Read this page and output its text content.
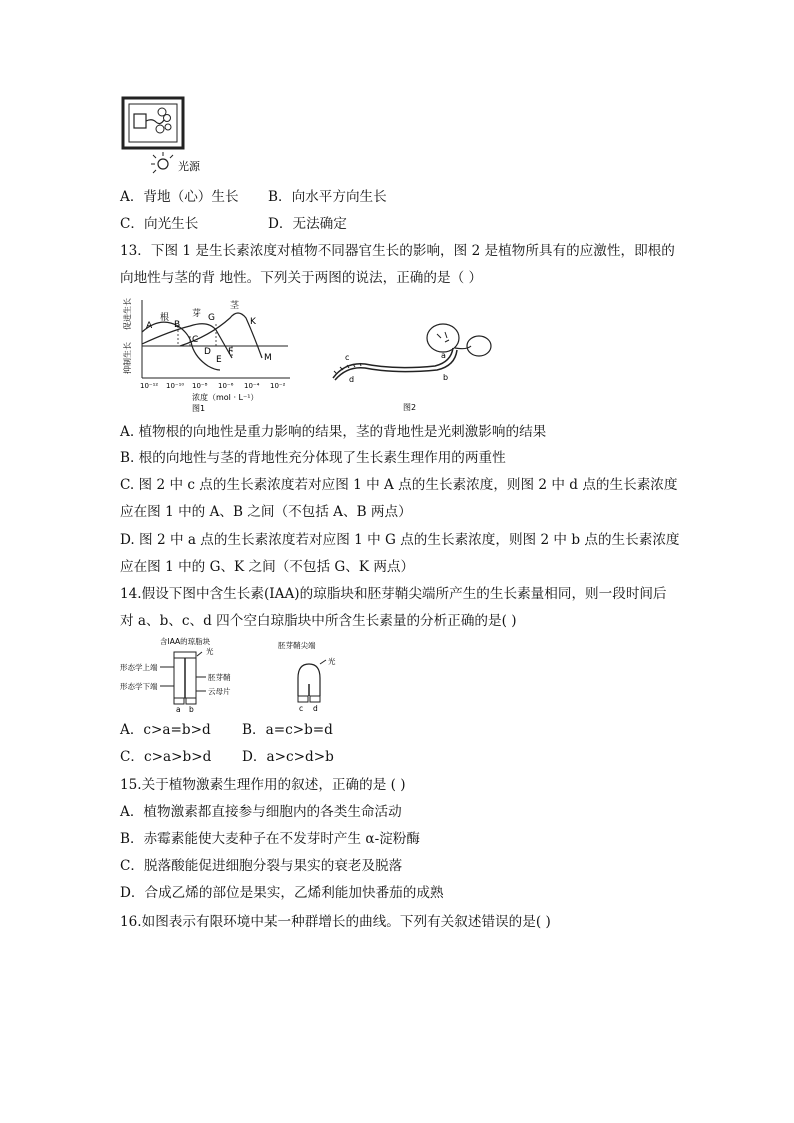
光源
A．背地（心）生长 B．向水平方向生长
C．向光生长	D．无法确定
13．下图 1 是生长素浓度对植物不同器官生长的影响，图 2 是植物所具有的应激性，即根的
向地性与茎的背 地性。下列关于两图的说法，正确的是（ ）
促进生长
抑制生长
根	芽
茎
A B
C
D
E
F
G	K
M
10⁻¹² 10⁻¹⁰ 10⁻⁸ 10⁻⁶ 10⁻⁴ 10⁻²
浓度（mol · L⁻¹）
图1
a
b
c
d
图2
A. 植物根的向地性是重力影响的结果，茎的背地性是光刺激影响的结果
B. 根的向地性与茎的背地性充分体现了生长素生理作用的两重性
C. 图 2 中 c 点的生长素浓度若对应图 1 中 A 点的生长素浓度，则图 2 中 d 点的生长素浓度
应在图 1 中的 A、B 之间（不包括 A、B 两点）
D. 图 2 中 a 点的生长素浓度若对应图 1 中 G 点的生长素浓度，则图 2 中 b 点的生长素浓度
应在图 1 中的 G、K 之间（不包括 G、K 两点）
14.假设下图中含生长素(IAA)的琼脂块和胚芽鞘尖端所产生的生长素量相同，则一段时间后
对 a、b、c、d 四个空白琼脂块中所含生长素量的分析正确的是( )
含IAA的琼脂块
光
形态学上端
形态学下端
胚芽鞘
云母片
a b
胚芽鞘尖端
光
c d
A．c>a=b>d B．a=c>b=d
C．c>a>b>d D．a>c>d>b
15.关于植物激素生理作用的叙述，正确的是 ( )
A．植物激素都直接参与细胞内的各类生命活动
B．赤霉素能使大麦种子在不发芽时产生 α-淀粉酶
C．脱落酸能促进细胞分裂与果实的衰老及脱落
D．合成乙烯的部位是果实，乙烯利能加快番茄的成熟
16.如图表示有限环境中某一种群增长的曲线。下列有关叙述错误的是( )
